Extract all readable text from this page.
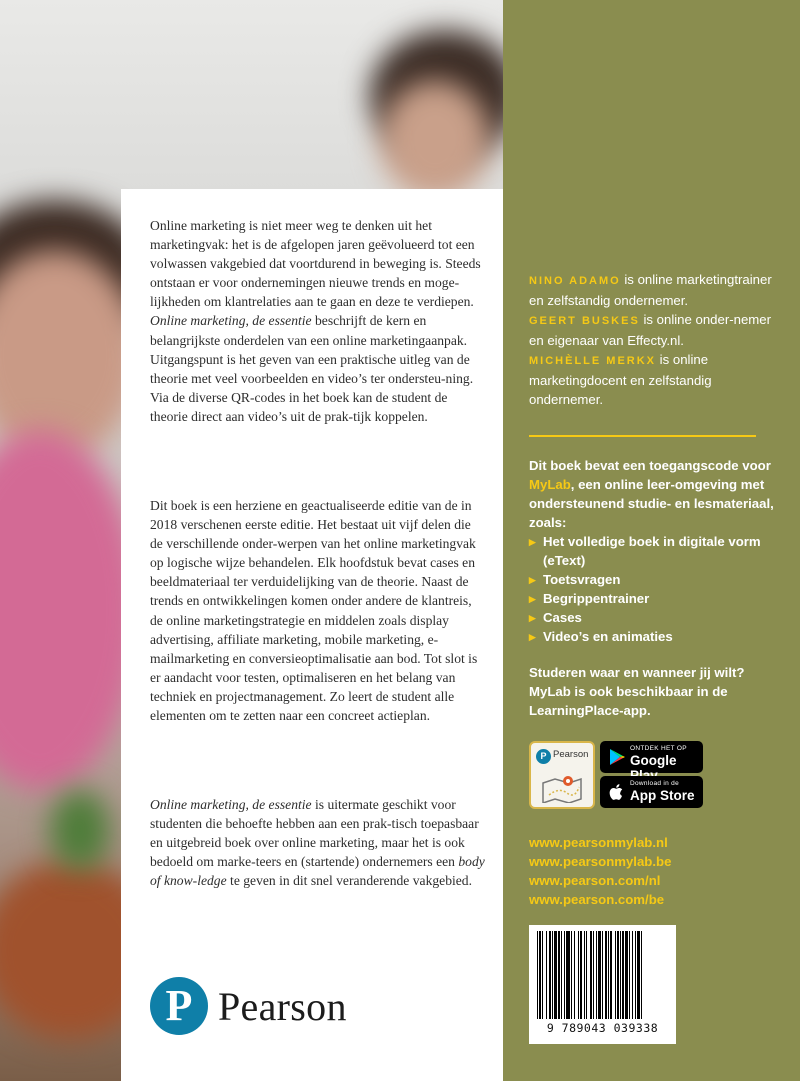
Online marketing is niet meer weg te denken uit het marketingvak: het is de afgelopen jaren geëvolueerd tot een volwassen vakgebied dat voortdurend in beweging is. Steeds ontstaan er voor ondernemingen nieuwe trends en moge-lijkheden om klantrelaties aan te gaan en deze te verdiepen. Online marketing, de essentie beschrijft de kern en belangrijkste onderdelen van een online marketingaanpak. Uitgangspunt is het geven van een praktische uitleg van de theorie met veel voorbeelden en video’s ter ondersteu-ning. Via de diverse QR-codes in het boek kan de student de theorie direct aan video’s uit de prak-tijk koppelen.

Dit boek is een herziene en geactualiseerde editie van de in 2018 verschenen eerste editie. Het bestaat uit vijf delen die de verschillende onder-werpen van het online marketingvak op logische wijze behandelen. Elk hoofdstuk bevat cases en beeldmateriaal ter verduidelijking van de theorie. Naast de trends en ontwikkelingen komen onder andere de klantreis, de online marketingstrategie en middelen zoals display advertising, affiliate marketing, mobile marketing, e-mailmarketing en conversieoptimalisatie aan bod. Tot slot is er aandacht voor testen, optimaliseren en het belang van techniek en projectmanagement. Zo leert de student alle elementen om te zetten naar een concreet actieplan.

Online marketing, de essentie is uitermate geschikt voor studenten die behoefte hebben aan een prak-tisch toepasbaar en uitgebreid boek over online marketing, maar het is ook bedoeld om marke-teers en (startende) ondernemers een body of know-ledge te geven in dit snel veranderende vakgebied.

P Pearson
NINO ADAMO is online marketingtrainer en zelfstandig ondernemer.
GEERT BUSKES is online onder-nemer en eigenaar van Effecty.nl.
MICHÈLLE MERKX is online marketingdocent en zelfstandig ondernemer.
Dit boek bevat een toegangscode voor MyLab, een online leer-omgeving met ondersteunend studie- en lesmateriaal, zoals:
▸ Het volledige boek in digitale vorm (eText)
▸ Toetsvragen
▸ Begrippentrainer
▸ Cases
▸ Video’s en animaties
Studeren waar en wanneer jij wilt? MyLab is ook beschikbaar in de LearningPlace-app.
P Pearson
ONTDEK HET OP
Google
Download in de
App Store
www.pearsonmylab.nl
www.pearsonmylab.be
www.pearson.com/nl
www.pearson.com/be
9 789043 039338
